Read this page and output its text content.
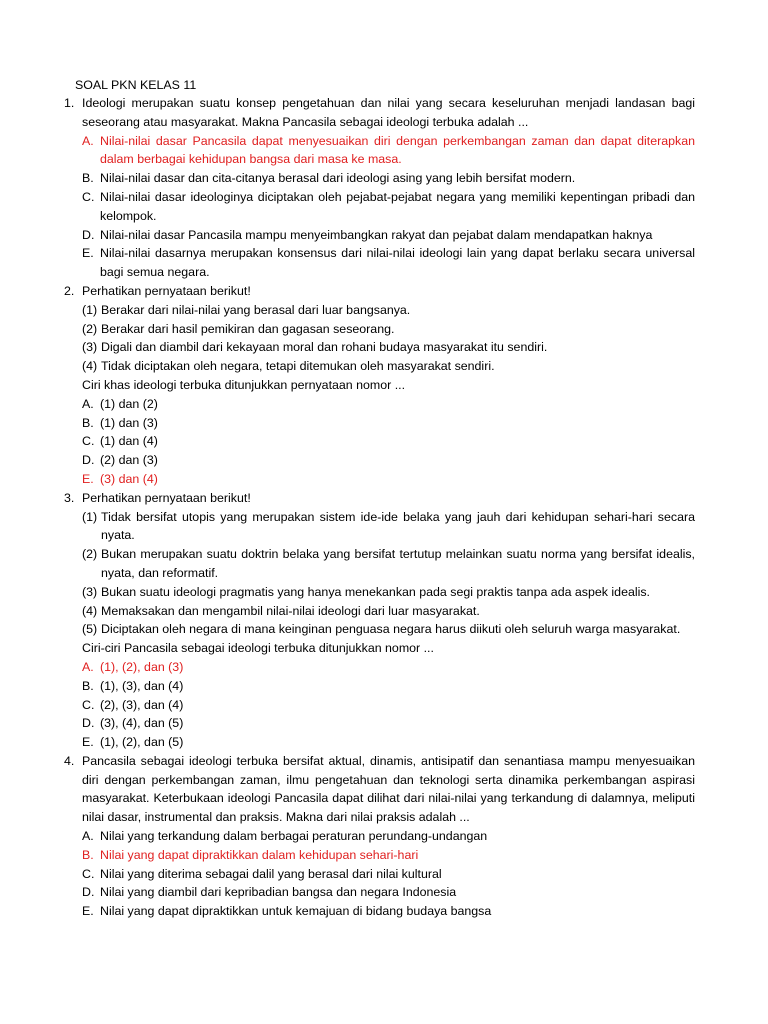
SOAL PKN KELAS 11
1. Ideologi merupakan suatu konsep pengetahuan dan nilai yang secara keseluruhan menjadi landasan bagi seseorang atau masyarakat. Makna Pancasila sebagai ideologi terbuka adalah ...
A. Nilai-nilai dasar Pancasila dapat menyesuaikan diri dengan perkembangan zaman dan dapat diterapkan dalam berbagai kehidupan bangsa dari masa ke masa.
B. Nilai-nilai dasar dan cita-citanya berasal dari ideologi asing yang lebih bersifat modern.
C. Nilai-nilai dasar ideologinya diciptakan oleh pejabat-pejabat negara yang memiliki kepentingan pribadi dan kelompok.
D. Nilai-nilai dasar Pancasila mampu menyeimbangkan rakyat dan pejabat dalam mendapatkan haknya
E. Nilai-nilai dasarnya merupakan konsensus dari nilai-nilai ideologi lain yang dapat berlaku secara universal bagi semua negara.
2. Perhatikan pernyataan berikut!
(1) Berakar dari nilai-nilai yang berasal dari luar bangsanya.
(2) Berakar dari hasil pemikiran dan gagasan seseorang.
(3) Digali dan diambil dari kekayaan moral dan rohani budaya masyarakat itu sendiri.
(4) Tidak diciptakan oleh negara, tetapi ditemukan oleh masyarakat sendiri.
Ciri khas ideologi terbuka ditunjukkan pernyataan nomor ...
A. (1) dan (2)
B. (1) dan (3)
C. (1) dan (4)
D. (2) dan (3)
E. (3) dan (4)
3. Perhatikan pernyataan berikut!
(1) Tidak bersifat utopis yang merupakan sistem ide-ide belaka yang jauh dari kehidupan sehari-hari secara nyata.
(2) Bukan merupakan suatu doktrin belaka yang bersifat tertutup melainkan suatu norma yang bersifat idealis, nyata, dan reformatif.
(3) Bukan suatu ideologi pragmatis yang hanya menekankan pada segi praktis tanpa ada aspek idealis.
(4) Memaksakan dan mengambil nilai-nilai ideologi dari luar masyarakat.
(5) Diciptakan oleh negara di mana keinginan penguasa negara harus diikuti oleh seluruh warga masyarakat.
Ciri-ciri Pancasila sebagai ideologi terbuka ditunjukkan nomor ...
A. (1), (2), dan (3)
B. (1), (3), dan (4)
C. (2), (3), dan (4)
D. (3), (4), dan (5)
E. (1), (2), dan (5)
4. Pancasila sebagai ideologi terbuka bersifat aktual, dinamis, antisipatif dan senantiasa mampu menyesuaikan diri dengan perkembangan zaman, ilmu pengetahuan dan teknologi serta dinamika perkembangan aspirasi masyarakat. Keterbukaan ideologi Pancasila dapat dilihat dari nilai-nilai yang terkandung di dalamnya, meliputi nilai dasar, instrumental dan praksis. Makna dari nilai praksis adalah ...
A. Nilai yang terkandung dalam berbagai peraturan perundang-undangan
B. Nilai yang dapat dipraktikkan dalam kehidupan sehari-hari
C. Nilai yang diterima sebagai dalil yang berasal dari nilai kultural
D. Nilai yang diambil dari kepribadian bangsa dan negara Indonesia
E. Nilai yang dapat dipraktikkan untuk kemajuan di bidang budaya bangsa
